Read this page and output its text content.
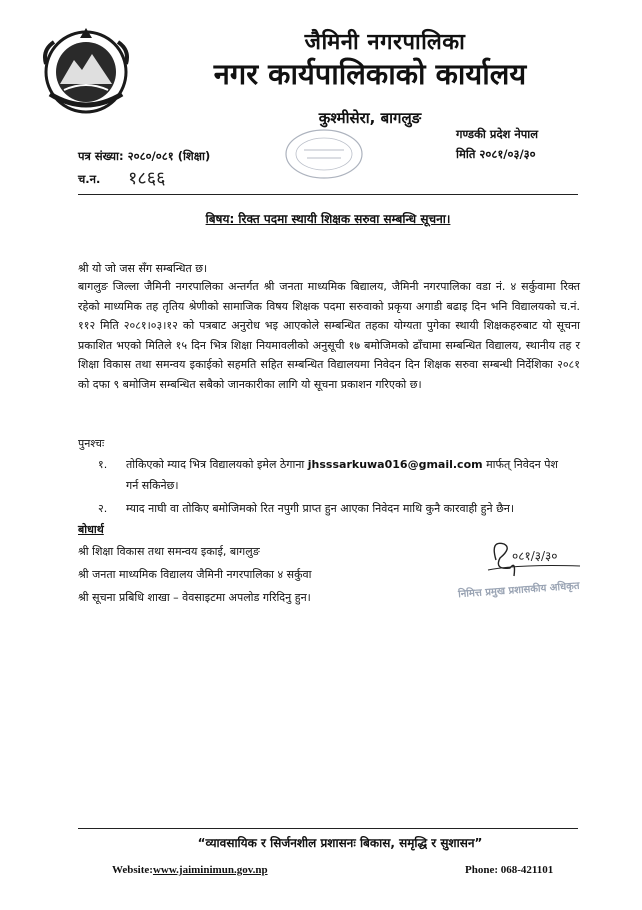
जैमिनी नगरपालिका
नगर कार्यपालिकाको कार्यालय
कुश्मीसेरा, बागलुङ
गण्डकी प्रदेश नेपाल
मिति २०८१/०३/३०
पत्र संख्या: २०८०/०८१ (शिक्षा)
च.न. १८६६
बिषय: रिक्त पदमा स्थायी शिक्षक सरुवा सम्बन्धि सूचना।
श्री यो जो जस सँग सम्बन्धित छ।
बागलुङ जिल्ला जैमिनी नगरपालिका अन्तर्गत श्री जनता माध्यमिक बिद्यालय, जैमिनी नगरपालिका वडा नं. ४ सर्कुवामा रिक्त रहेको माध्यमिक तह तृतिय श्रेणीको सामाजिक विषय शिक्षक पदमा सरुवाको प्रकृया अगाडी बढाइ दिन भनि विद्यालयको च.नं. ११२ मिति २०८१।०३।१२ को पत्रबाट अनुरोध भइ आएकोले सम्बन्धित तहका योग्यता पुगेका स्थायी शिक्षकहरुबाट यो सूचना प्रकाशित भएको मितिले १५ दिन भित्र शिक्षा नियमावलीको अनुसूची १७ बमोजिमको ढाँचामा सम्बन्धित विद्यालय, स्थानीय तह र शिक्षा विकास तथा समन्वय इकाईको सहमति सहित सम्बन्धित विद्यालयमा निवेदन दिन शिक्षक सरुवा सम्बन्धी निर्देशिका २०८१ को दफा ९ बमोजिम सम्बन्धित सबैको जानकारीका लागि यो सूचना प्रकाशन गरिएको छ।
पुनश्चः
१. तोकिएको म्याद भित्र विद्यालयको इमेल ठेगाना jhsssarkuwa016@gmail.com मार्फत् निवेदन पेश
गर्न सकिनेछ।
२. म्याद नाघी वा तोकिए बमोजिमको रित नपुगी प्राप्त हुन आएका निवेदन माथि कुनै कारवाही हुने छैन।
बोधार्थ
श्री शिक्षा विकास तथा समन्वय इकाई, बागलुङ
श्री जनता माध्यमिक विद्यालय जैमिनी नगरपालिका ४ सर्कुवा
श्री सूचना प्रबिधि शाखा – वेवसाइटमा अपलोड गरिदिनु हुन।
०८१/३/३०
निमित्त प्रमुख प्रशासकीय अधिकृत
“व्यावसायिक र सिर्जनशील प्रशासनः बिकास, समृद्धि र सुशासन”
Website:www.jaiminimun.gov.np	Phone: 068-421101
